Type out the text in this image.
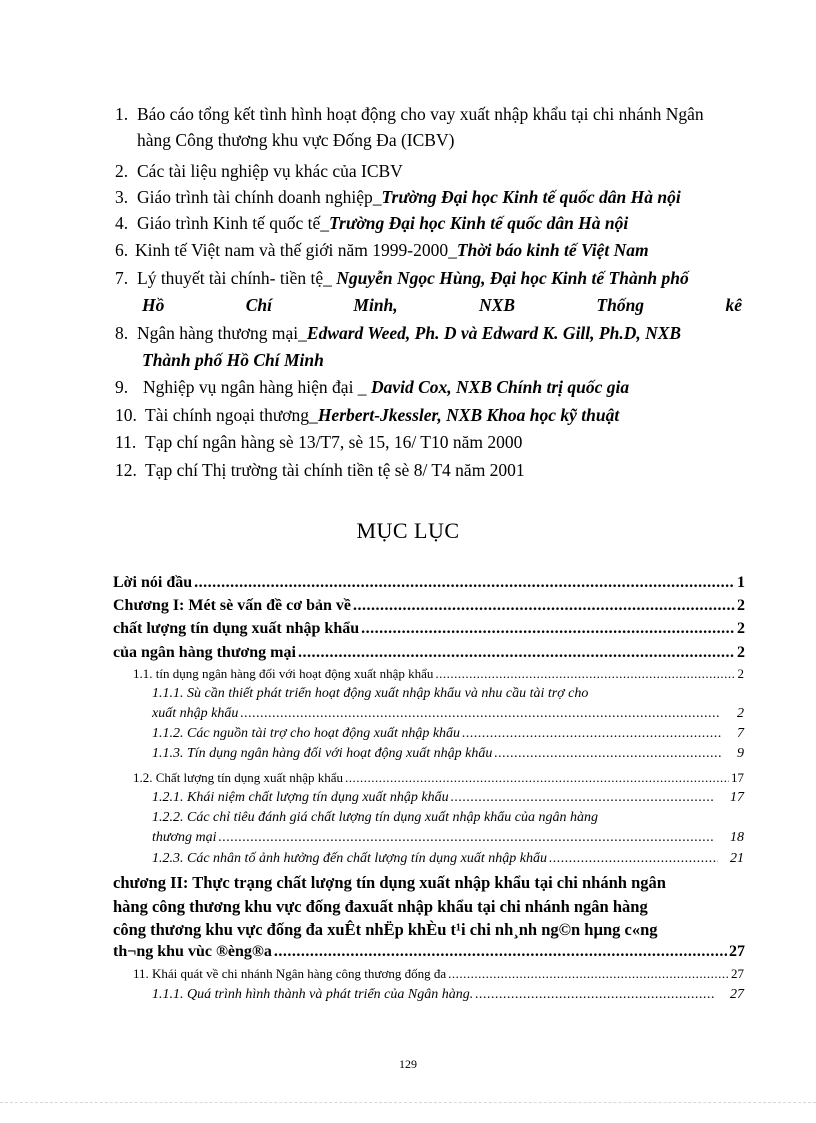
1. Báo cáo tổng kết tình hình hoạt động cho vay xuất nhập khẩu tại chi nhánh Ngân
hàng Công thương khu vực Đống Đa (ICBV)
2. Các tài liệu nghiệp vụ khác của ICBV
3. Giáo trình tài chính doanh nghiệp_Trường Đại học Kinh tế quốc dân Hà nội
4. Giáo trình Kinh tế quốc tế_Trường Đại học Kinh tế quốc dân Hà nội
6. Kinh tế Việt nam và thế giới năm 1999-2000_Thời báo kinh tế Việt Nam
7. Lý thuyết tài chính- tiền tệ_ Nguyễn Ngọc Hùng, Đại học Kinh tế Thành phố
Hồ	Chí	Minh,	NXB	Thống	kê
8. Ngân hàng thương mại_Edward Weed, Ph. D và Edward K. Gill, Ph.D, NXB
Thành phố Hồ Chí Minh
9. Nghiệp vụ ngân hàng hiện đại _ David Cox, NXB Chính trị quốc gia
10. Tài chính ngoại thương_Herbert-Jkessler, NXB Khoa học kỹ thuật
11. Tạp chí ngân hàng sè 13/T7, sè 15, 16/ T10 năm 2000
12. Tạp chí Thị trường tài chính tiền tệ sè 8/ T4 năm 2001
MỤC LỤC
Lời nói đầu .....	1
Chương I: Mét sè vấn đề cơ bản về .....	2
chất lượng tín dụng xuất nhập khẩu .....	2
của ngân hàng thương mại .....	2
1.1. tín dụng ngân hàng đối với hoạt động xuất nhập khẩu .....	2
1.1.1. Sù cần thiết phát triển hoạt động xuất nhập khẩu và nhu cầu tài trợ cho
xuất nhập khẩu .....	2
1.1.2. Các nguồn tài trợ cho hoạt động xuất nhập khẩu .....	7
1.1.3. Tín dụng ngân hàng đối với hoạt động xuất nhập khẩu .....	9
1.2. Chất lượng tín dụng xuất nhập khẩu .....	17
1.2.1. Khái niệm chất lượng tín dụng xuất nhập khẩu .....	17
1.2.2. Các chỉ tiêu đánh giá chất lượng tín dụng xuất nhập khẩu của ngân hàng
thương mại .....	18
1.2.3. Các nhân tố ảnh hưởng đến chất lượng tín dụng xuất nhập khẩu .....	21
chương II: Thực trạng chất lượng tín dụng xuất nhập khẩu tại chi nhánh ngân
hàng công thương khu vực đống đaxuất nhập khẩu tại chi nhánh ngân hàng
công thương khu vực đống đa xuÊt nhËp khÈu t¹i chi nh¸nh ng©n hµng c«ng
th¬ng khu vùc ®èng®a .....	27
11. Khái quát về chi nhánh Ngân hàng công thương đống đa .....	27
1.1.1. Quá trình hình thành và phát triển của Ngân hàng. .....	27
129
